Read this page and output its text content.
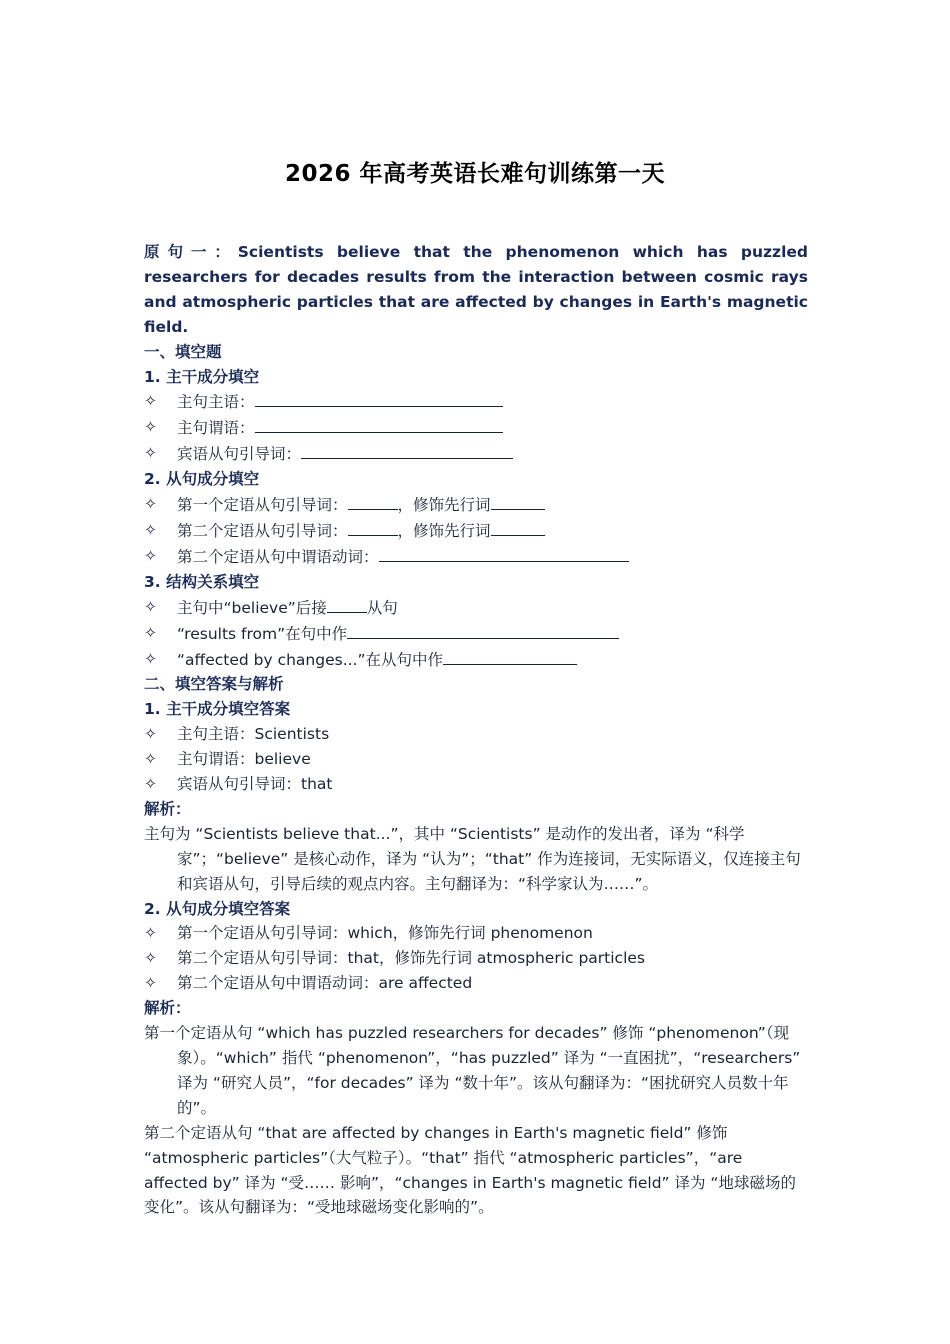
2026 年高考英语长难句训练第一天

原句一：Scientists believe that the phenomenon which has puzzled researchers for decades results from the interaction between cosmic rays and atmospheric particles that are affected by changes in Earth's magnetic field.

一、填空题

1. 主干成分填空

✧	主句主语：
✧	主句谓语：
✧	宾语从句引导词：

2. 从句成分填空

✧	第一个定语从句引导词：	，修饰先行词
✧	第二个定语从句引导词：	，修饰先行词
✧	第二个定语从句中谓语动词：

3. 结构关系填空

✧	主句中“believe”后接	从句
✧	“results from”在句中作
✧	“affected by changes...”在从句中作

二、填空答案与解析

1. 主干成分填空答案

✧	主句主语：Scientists
✧	主句谓语：believe
✧	宾语从句引导词：that

解析：

主句为 “Scientists believe that...”，其中 “Scientists” 是动作的发出者，译为 “科学家”；“believe” 是核心动作，译为 “认为”；“that” 作为连接词，无实际语义，仅连接主句和宾语从句，引导后续的观点内容。主句翻译为：“科学家认为……”。

2. 从句成分填空答案

✧	第一个定语从句引导词：which，修饰先行词 phenomenon
✧	第二个定语从句引导词：that，修饰先行词 atmospheric particles
✧	第二个定语从句中谓语动词：are affected

解析：

第一个定语从句 “which has puzzled researchers for decades” 修饰 “phenomenon”（现象）。“which” 指代 “phenomenon”，“has puzzled” 译为 “一直困扰”，“researchers” 译为 “研究人员”，“for decades” 译为 “数十年”。该从句翻译为：“困扰研究人员数十年的”。

第二个定语从句 “that are affected by changes in Earth's magnetic field” 修饰 “atmospheric particles”（大气粒子）。“that” 指代 “atmospheric particles”，“are affected by” 译为 “受…… 影响”，“changes in Earth's magnetic field” 译为 “地球磁场的变化”。该从句翻译为：“受地球磁场变化影响的”。
